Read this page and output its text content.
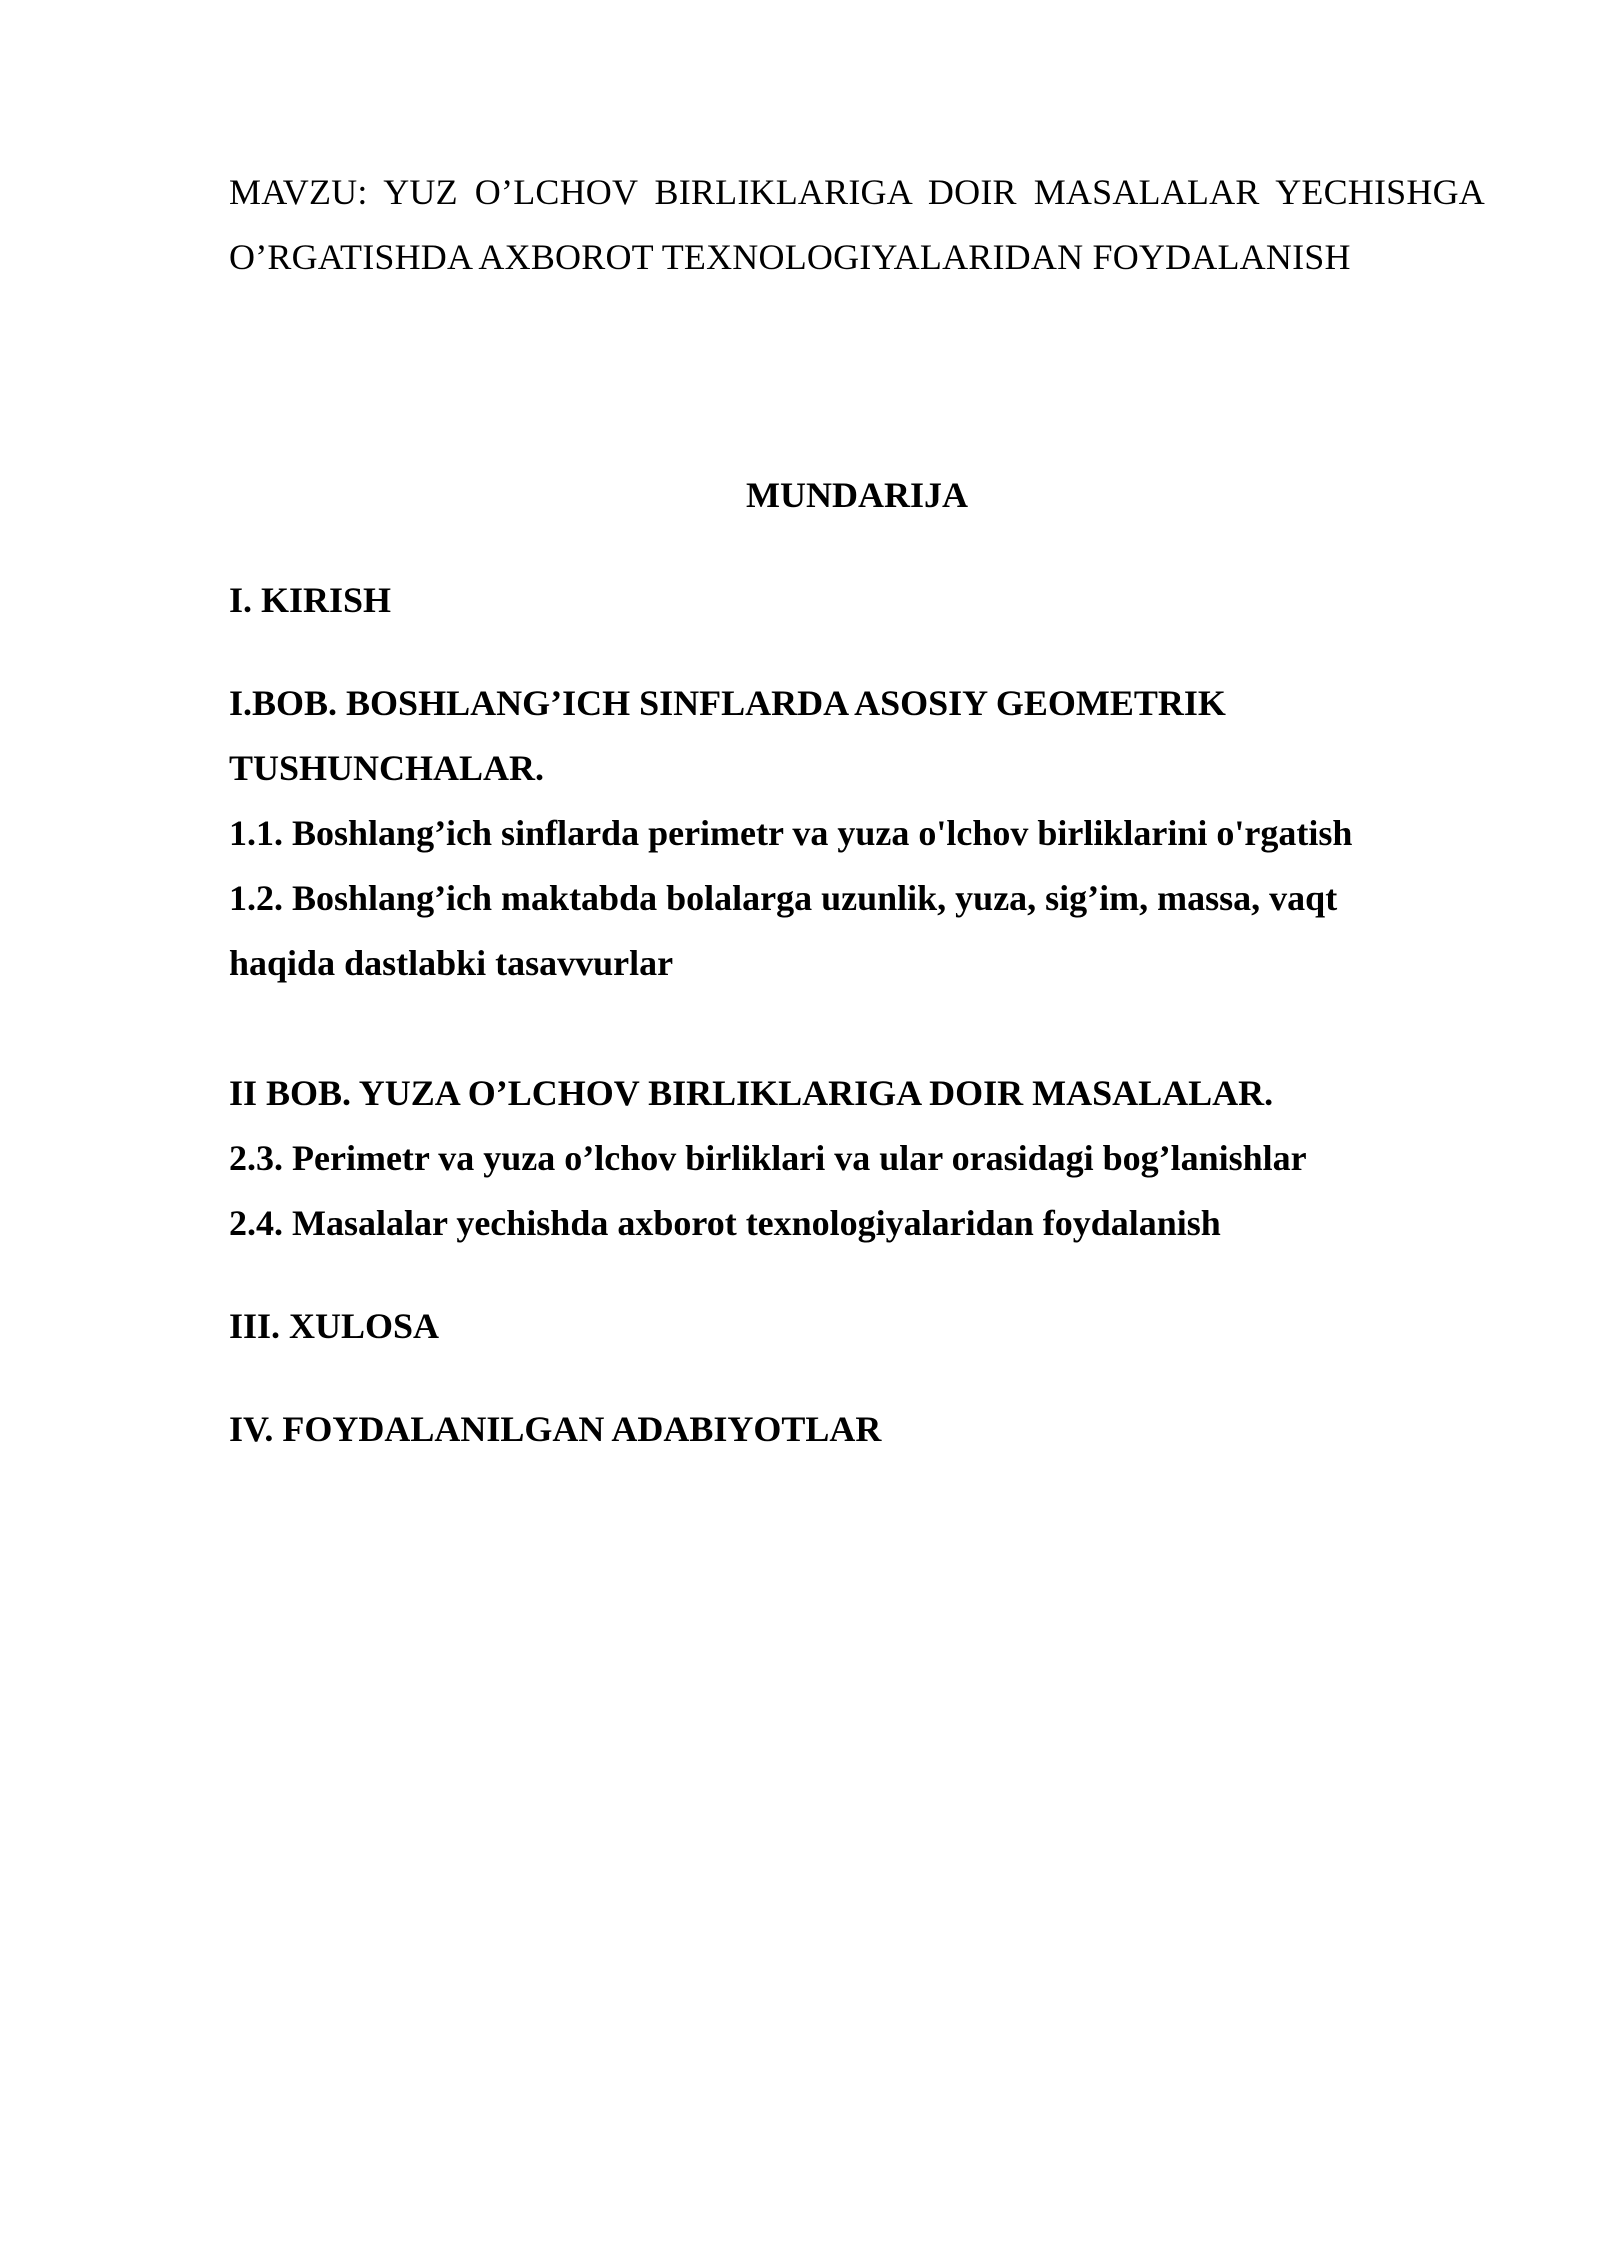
MAVZU: YUZ O’LCHOV BIRLIKLARIGA DOIR MASALALAR YECHISHGA O’RGATISHDA AXBOROT TEXNOLOGIYALARIDAN FOYDALANISH
MUNDARIJA
I. KIRISH
I.BOB. BOSHLANG’ICH SINFLARDA ASOSIY GEOMETRIK
TUSHUNCHALAR.
1.1. Boshlang’ich sinflarda perimetr va yuza o'lchov birliklarini o'rgatish
1.2. Boshlang’ich maktabda bolalarga uzunlik, yuza, sig’im, massa, vaqt
haqida dastlabki tasavvurlar
II BOB. YUZA O’LCHOV BIRLIKLARIGA DOIR MASALALAR.
2.3. Perimetr va yuza o’lchov birliklari va ular orasidagi bog’lanishlar
2.4. Masalalar yechishda axborot texnologiyalaridan foydalanish
III. XULOSA
IV. FOYDALANILGAN ADABIYOTLAR
